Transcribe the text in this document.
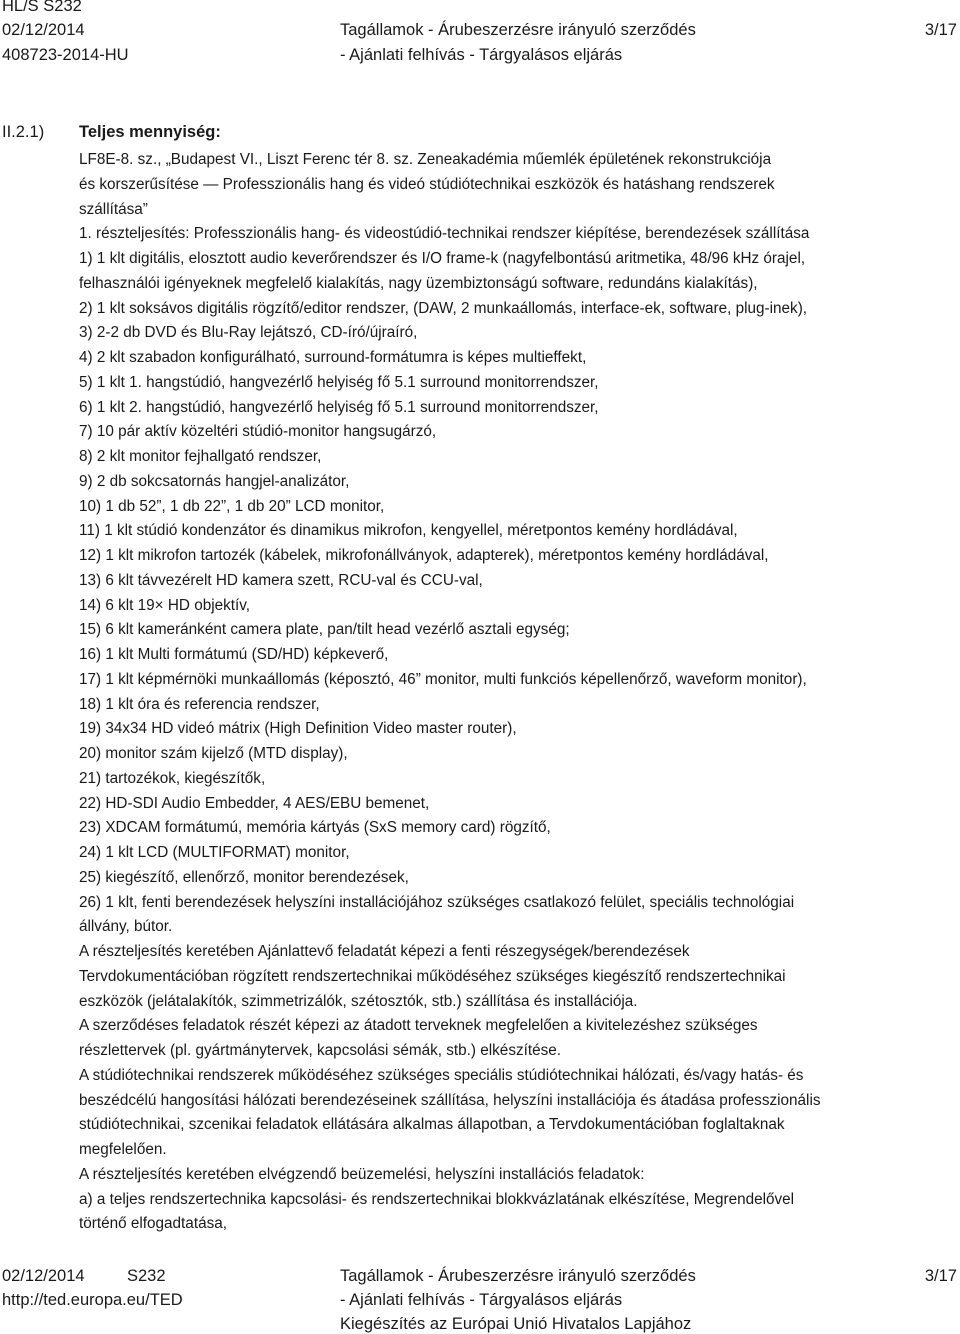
HL/S S232
02/12/2014
408723-2014-HU
Tagállamok - Árubeszerzésre irányuló szerződés
- Ajánlati felhívás - Tárgyalásos eljárás
3/17
II.2.1) Teljes mennyiség:
LF8E-8. sz., „Budapest VI., Liszt Ferenc tér 8. sz. Zeneakadémia műemlék épületének rekonstrukciója
és korszerűsítése ― Professzionális hang és videó stúdiótechnikai eszközök és hatáshang rendszerek
szállítása”
1. részteljesítés: Professzionális hang- és videostúdió-technikai rendszer kiépítése, berendezések szállítása
1) 1 klt digitális, elosztott audio keverőrendszer és I/O frame-k (nagyfelbontású aritmetika, 48/96 kHz órajel,
felhasználói igényeknek megfelelő kialakítás, nagy üzembiztonságú software, redundáns kialakítás),
2) 1 klt soksávos digitális rögzítő/editor rendszer, (DAW, 2 munkaállomás, interface-ek, software, plug-inek),
3) 2-2 db DVD és Blu-Ray lejátszó, CD-író/újraíró,
4) 2 klt szabadon konfigurálható, surround-formátumra is képes multieffekt,
5) 1 klt 1. hangstúdió, hangvezérlő helyiség fő 5.1 surround monitorrendszer,
6) 1 klt 2. hangstúdió, hangvezérlő helyiség fő 5.1 surround monitorrendszer,
7) 10 pár aktív közeltéri stúdió-monitor hangsugárzó,
8) 2 klt monitor fejhallgató rendszer,
9) 2 db sokcsatornás hangjel-analizátor,
10) 1 db 52”, 1 db 22”, 1 db 20” LCD monitor,
11) 1 klt stúdió kondenzátor és dinamikus mikrofon, kengyellel, méretpontos kemény hordládával,
12) 1 klt mikrofon tartozék (kábelek, mikrofonállványok, adapterek), méretpontos kemény hordládával,
13) 6 klt távvezérelt HD kamera szett, RCU-val és CCU-val,
14) 6 klt 19× HD objektív,
15) 6 klt kameránként camera plate, pan/tilt head vezérlő asztali egység;
16) 1 klt Multi formátumú (SD/HD) képkeverő,
17) 1 klt képmérnöki munkaállomás (képosztó, 46” monitor, multi funkciós képellenőrző, waveform monitor),
18) 1 klt óra és referencia rendszer,
19) 34x34 HD videó mátrix (High Definition Video master router),
20) monitor szám kijelző (MTD display),
21) tartozékok, kiegészítők,
22) HD-SDI Audio Embedder, 4 AES/EBU bemenet,
23) XDCAM formátumú, memória kártyás (SxS memory card) rögzítő,
24) 1 klt LCD (MULTIFORMAT) monitor,
25) kiegészítő, ellenőrző, monitor berendezések,
26) 1 klt, fenti berendezések helyszíni installációjához szükséges csatlakozó felület, speciális technológiai
állvány, bútor.
A részteljesítés keretében Ajánlattevő feladatát képezi a fenti részegységek/berendezések
Tervdokumentációban rögzített rendszertechnikai működéséhez szükséges kiegészítő rendszertechnikai
eszközök (jelátalakítók, szimmetrizálók, szétosztók, stb.) szállítása és installációja.
A szerződéses feladatok részét képezi az átadott terveknek megfelelően a kivitelezéshez szükséges
részlettervek (pl. gyártmánytervek, kapcsolási sémák, stb.) elkészítése.
A stúdiótechnikai rendszerek működéséhez szükséges speciális stúdiótechnikai hálózati, és/vagy hatás- és
beszédcélú hangosítási hálózati berendezéseinek szállítása, helyszíni installációja és átadása professzionális
stúdiótechnikai, szcenikai feladatok ellátására alkalmas állapotban, a Tervdokumentációban foglaltaknak
megfelelően.
A részteljesítés keretében elvégzendő beüzemelési, helyszíni installációs feladatok:
a) a teljes rendszertechnika kapcsolási- és rendszertechnikai blokkvázlatának elkészítése, Megrendelővel
történő elfogadtatása,
02/12/2014	S232	Tagállamok - Árubeszerzésre irányuló szerződés	3/17
http://ted.europa.eu/TED	- Ajánlati felhívás - Tárgyalásos eljárás
Kiegészítés az Európai Unió Hivatalos Lapjához
